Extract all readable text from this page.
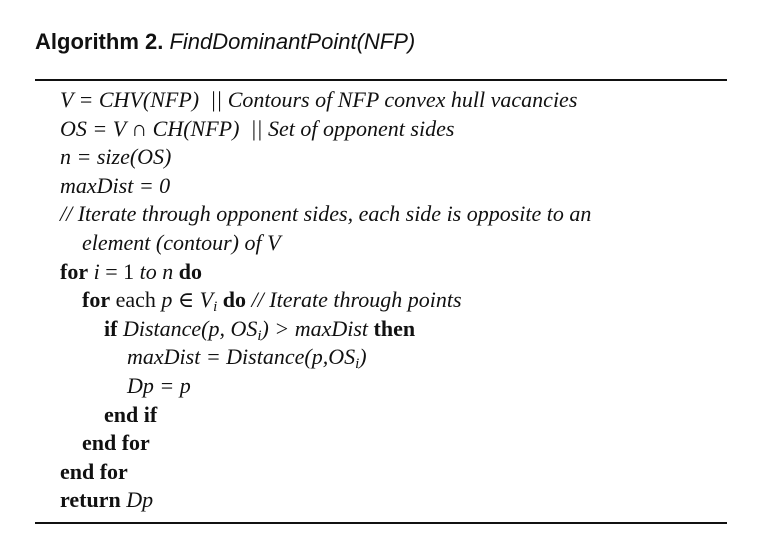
Algorithm 2. FindDominantPoint(NFP)
V = CHV(NFP) || Contours of NFP convex hull vacancies
OS = V ∩ CH(NFP) || Set of opponent sides
n = size(OS)
maxDist = 0
// Iterate through opponent sides, each side is opposite to an
element (contour) of V
for i = 1 to n do
for each p ∈ $V_i$ do // Iterate through points
if Distance(p, $OS_i$) > maxDist then
maxDist = $Distance(p,OS_i)$
Dp = p
end if
end for
end for
return Dp
